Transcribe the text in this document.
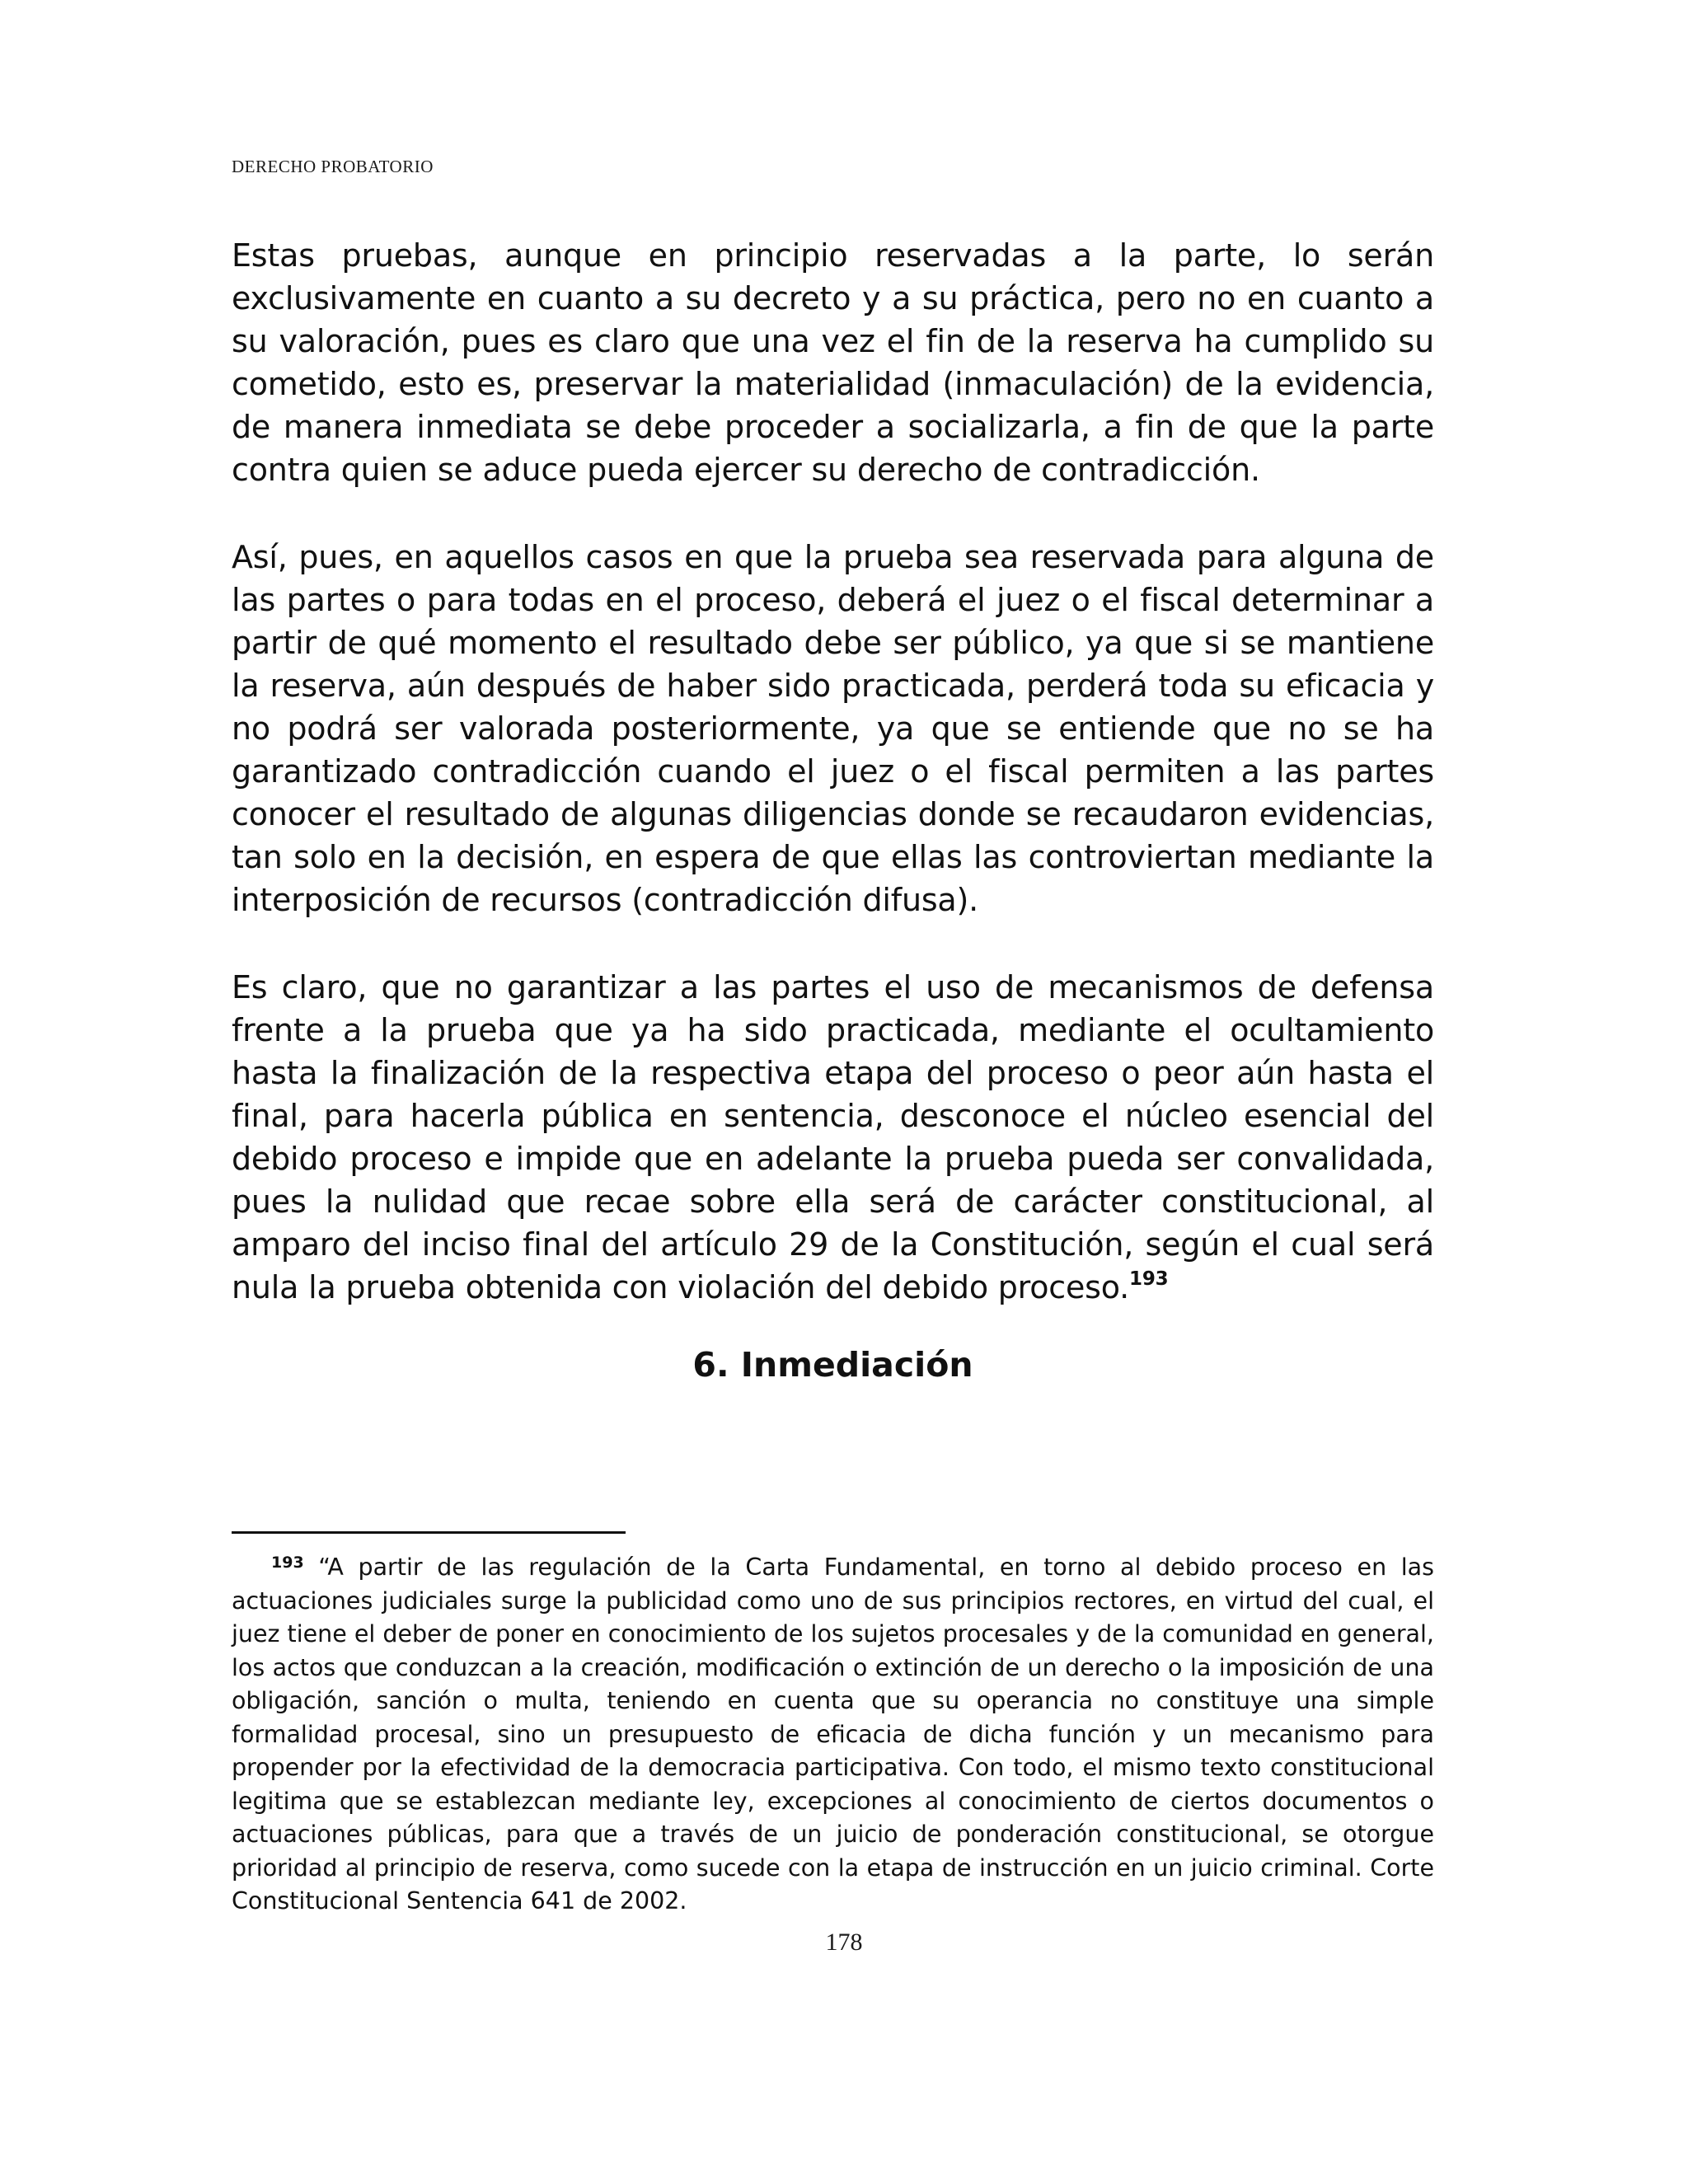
DERECHO PROBATORIO

Estas pruebas, aunque en principio reservadas a la parte, lo serán exclusivamente en cuanto a su decreto y a su práctica, pero no en cuanto a su valoración, pues es claro que una vez el fin de la reserva ha cumplido su cometido, esto es, preservar la materialidad (inmaculación) de la evidencia, de manera inmediata se debe proceder a socializarla, a fin de que la parte contra quien se aduce pueda ejercer su derecho de contradicción.

Así, pues, en aquellos casos en que la prueba sea reservada para alguna de las partes o para todas en el proceso, deberá el juez o el fiscal determinar a partir de qué momento el resultado debe ser público, ya que si se mantiene la reserva, aún después de haber sido practicada, perderá toda su eficacia y no podrá ser valorada posteriormente, ya que se entiende que no se ha garantizado contradicción cuando el juez o el fiscal permiten a las partes conocer el resultado de algunas diligencias donde se recaudaron evidencias, tan solo en la decisión, en espera de que ellas las controviertan mediante la interposición de recursos (contradicción difusa).

Es claro, que no garantizar a las partes el uso de mecanismos de defensa frente a la prueba que ya ha sido practicada, mediante el ocultamiento hasta la finalización de la respectiva etapa del proceso o peor aún hasta el final, para hacerla pública en sentencia, desconoce el núcleo esencial del debido proceso e impide que en adelante la prueba pueda ser convalidada, pues la nulidad que recae sobre ella será de carácter constitucional, al amparo del inciso final del artículo 29 de la Constitución, según el cual será nula la prueba obtenida con violación del debido proceso.$^{193}$

6. Inmediación

$^{193}$ “A partir de las regulación de la Carta Fundamental, en torno al debido proceso en las actuaciones judiciales surge la publicidad como uno de sus principios rectores, en virtud del cual, el juez tiene el deber de poner en conocimiento de los sujetos procesales y de la comunidad en general, los actos que conduzcan a la creación, modificación o extinción de un derecho o la imposición de una obligación, sanción o multa, teniendo en cuenta que su operancia no constituye una simple formalidad procesal, sino un presupuesto de eficacia de dicha función y un mecanismo para propender por la efectividad de la democracia participativa. Con todo, el mismo texto constitucional legitima que se establezcan mediante ley, excepciones al conocimiento de ciertos documentos o actuaciones públicas, para que a través de un juicio de ponderación constitucional, se otorgue prioridad al principio de reserva, como sucede con la etapa de instrucción en un juicio criminal. Corte Constitucional Sentencia 641 de 2002.

178
